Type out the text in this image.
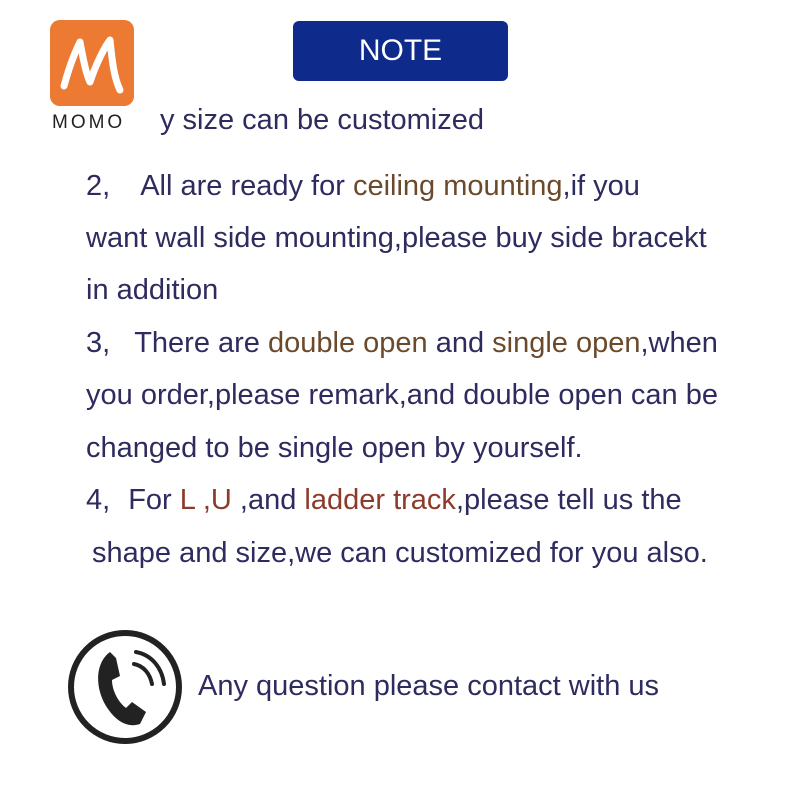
MOMO
NOTE
y size can be customized
2, All are ready for ceiling mounting,if you
want wall side mounting,please buy side bracekt
in addition
3, There are double open and single open,when
you order,please remark,and double open can be
changed to be single open by yourself.
4, For L ,U ,and ladder track,please tell us the
shape and size,we can customized for you also.
Any question please contact with us
